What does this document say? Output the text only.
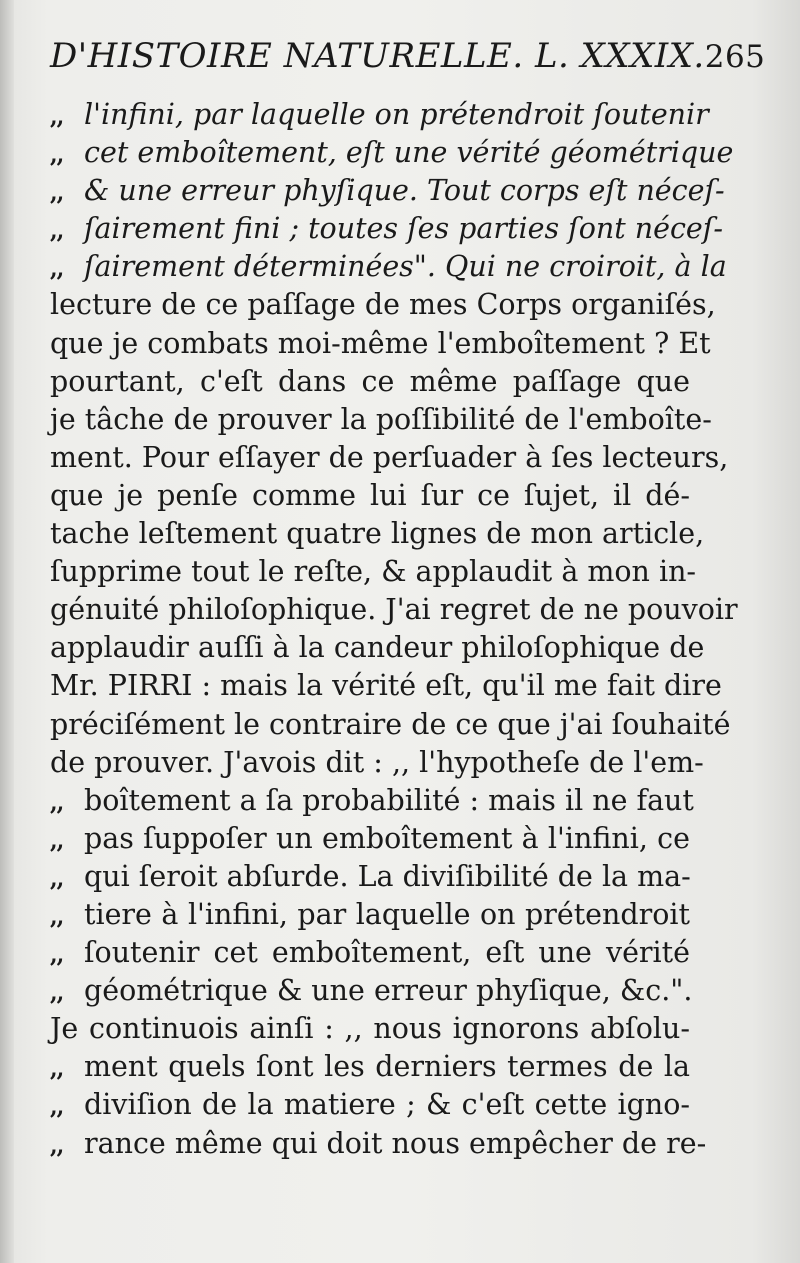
D'HISTOIRE NATURELLE. L. XXXIX. 265
,, l'infini, par laquelle on prétendroit ſoutenir
,, cet emboîtement, eſt une vérité géométrique
,, & une erreur phyſique. Tout corps eſt néceſ-
,, ſairement fini ; toutes ſes parties ſont néceſ-
,, ſairement déterminées". Qui ne croiroit, à la
lecture de ce paſſage de mes Corps organiſés,
que je combats moi-même l'emboîtement ? Et
pourtant, c'eſt dans ce même paſſage que
je tâche de prouver la poſſibilité de l'emboîte-
ment. Pour eſſayer de perſuader à ſes lecteurs,
que je penſe comme lui ſur ce ſujet, il dé-
tache leſtement quatre lignes de mon article,
ſupprime tout le reſte, & applaudit à mon in-
génuité philoſophique. J'ai regret de ne pouvoir
applaudir auſſi à la candeur philoſophique de
Mr. PIRRI : mais la vérité eſt, qu'il me fait dire
préciſément le contraire de ce que j'ai ſouhaité
de prouver. J'avois dit : ,, l'hypotheſe de l'em-
,, boîtement a ſa probabilité : mais il ne faut
,, pas ſuppoſer un emboîtement à l'infini, ce
,, qui ſeroit abſurde. La diviſibilité de la ma-
,, tiere à l'infini, par laquelle on prétendroit
,, ſoutenir cet emboîtement, eſt une vérité
,, géométrique & une erreur phyſique, &c.".
Je continuois ainſi : ,, nous ignorons abſolu-
,, ment quels ſont les derniers termes de la
,, diviſion de la matiere ; & c'eſt cette igno-
,, rance même qui doit nous empêcher de re-
